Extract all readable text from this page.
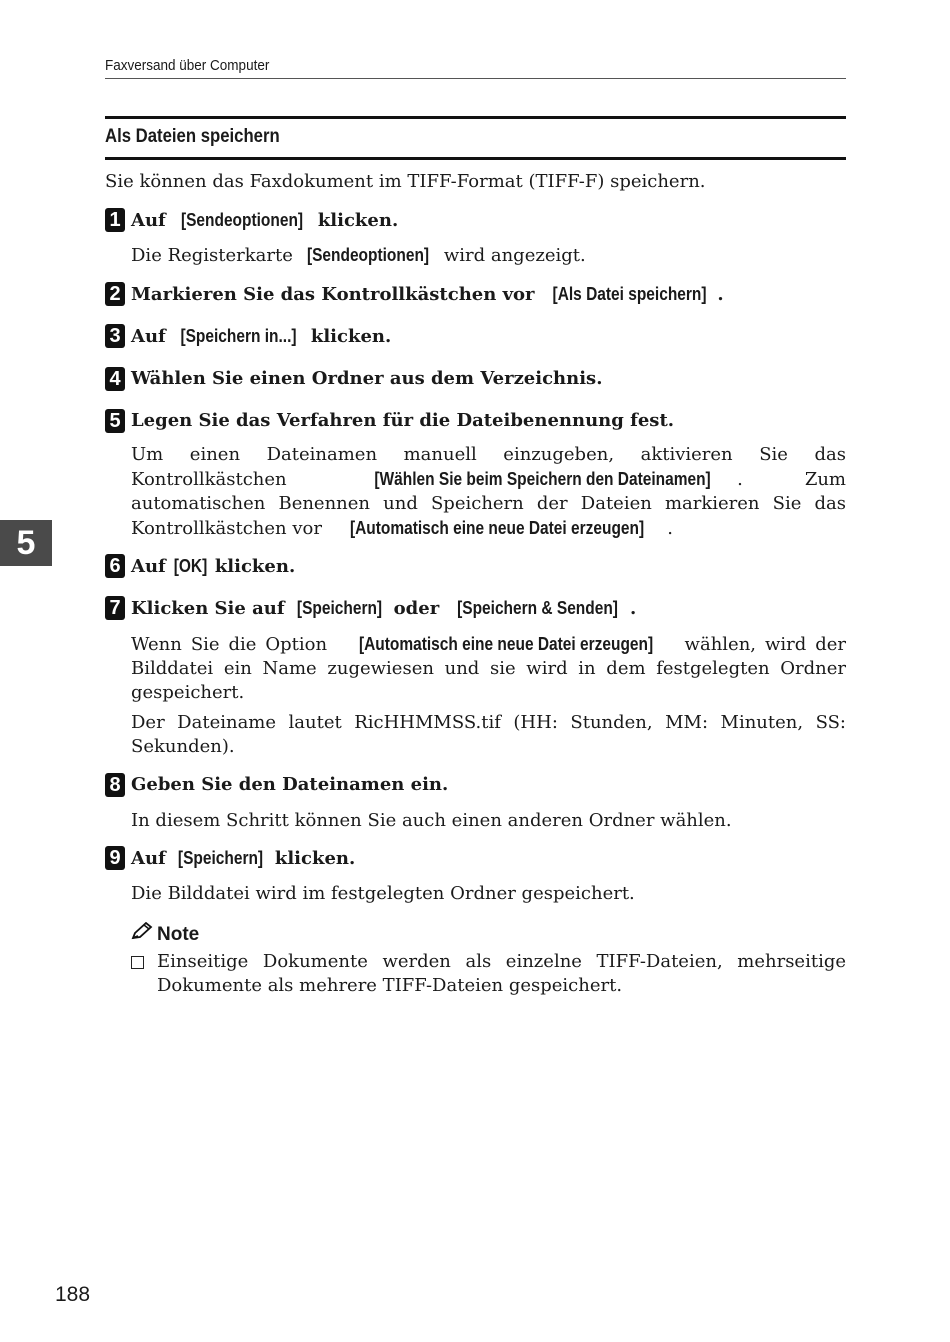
Faxversand über Computer
Als Dateien speichern
Sie können das Faxdokument im TIFF-Format (TIFF-F) speichern.
5
1 Auf [Sendeoptionen] klicken.
Die Registerkarte [Sendeoptionen] wird angezeigt.
2 Markieren Sie das Kontrollkästchen vor [Als Datei speichern] .
3 Auf [Speichern in...] klicken.
4 Wählen Sie einen Ordner aus dem Verzeichnis.
5 Legen Sie das Verfahren für die Dateibenennung fest.
Um einen Dateinamen manuell einzugeben, aktivieren Sie das Kontrollkästchen [Wählen Sie beim Speichern den Dateinamen] . Zum automatischen Benennen und Speichern der Dateien markieren Sie das Kontrollkästchen vor [Automatisch eine neue Datei erzeugen] .
6 Auf [OK] klicken.
7 Klicken Sie auf [Speichern] oder [Speichern & Senden] .
Wenn Sie die Option [Automatisch eine neue Datei erzeugen] wählen, wird der Bilddatei ein Name zugewiesen und sie wird in dem festgelegten Ordner gespeichert.
Der Dateiname lautet RicHHMMSS.tif (HH: Stunden, MM: Minuten, SS: Sekunden).
8 Geben Sie den Dateinamen ein.
In diesem Schritt können Sie auch einen anderen Ordner wählen.
9 Auf [Speichern] klicken.
Die Bilddatei wird im festgelegten Ordner gespeichert.
Note
Einseitige Dokumente werden als einzelne TIFF-Dateien, mehrseitige Dokumente als mehrere TIFF-Dateien gespeichert.
188
